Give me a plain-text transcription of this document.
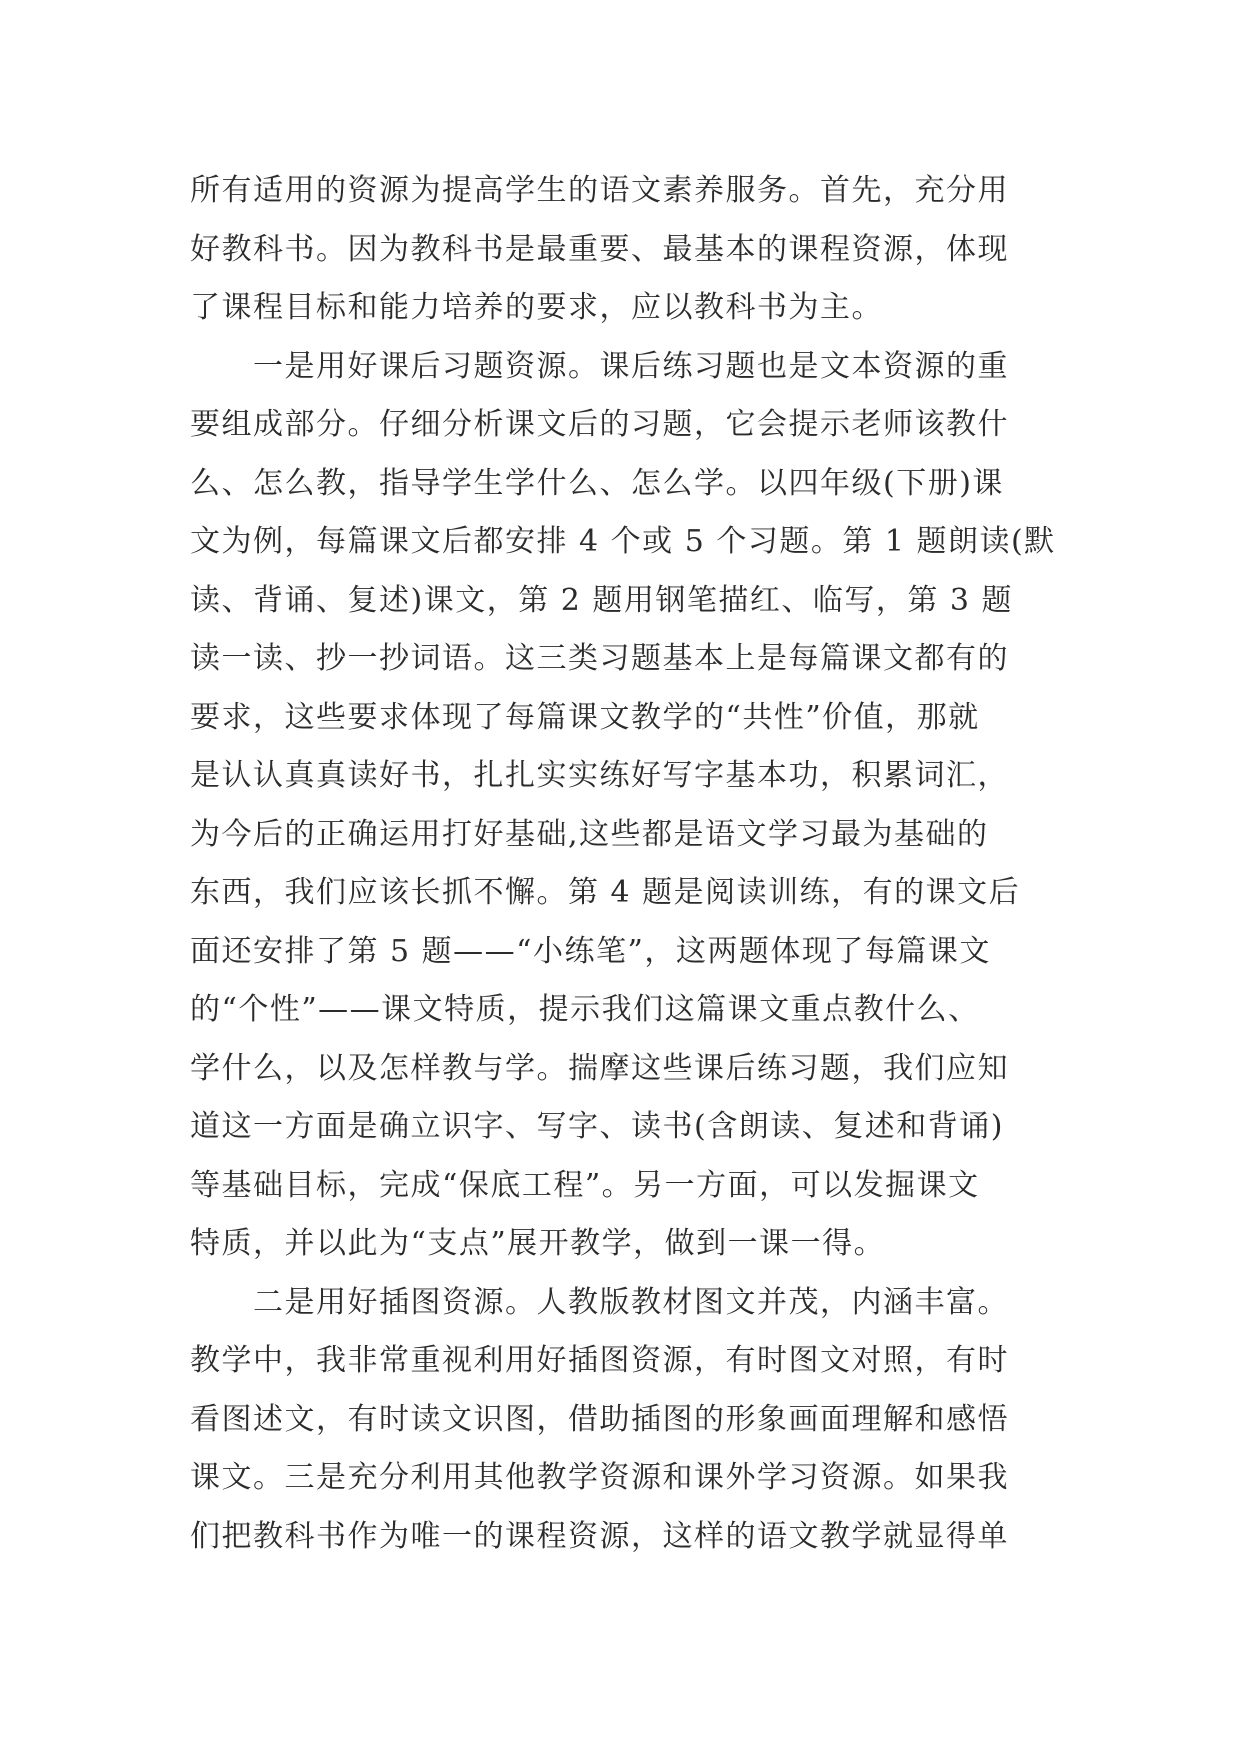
所有适用的资源为提高学生的语文素养服务。首先，充分用
好教科书。因为教科书是最重要、最基本的课程资源，体现
了课程目标和能力培养的要求，应以教科书为主。
　　一是用好课后习题资源。课后练习题也是文本资源的重
要组成部分。仔细分析课文后的习题，它会提示老师该教什
么、怎么教，指导学生学什么、怎么学。以四年级(下册)课
文为例，每篇课文后都安排 4 个或 5 个习题。第 1 题朗读(默
读、背诵、复述)课文，第 2 题用钢笔描红、临写，第 3 题
读一读、抄一抄词语。这三类习题基本上是每篇课文都有的
要求，这些要求体现了每篇课文教学的“共性”价值，那就
是认认真真读好书，扎扎实实练好写字基本功，积累词汇，
为今后的正确运用打好基础,这些都是语文学习最为基础的
东西，我们应该长抓不懈。第 4 题是阅读训练，有的课文后
面还安排了第 5 题——“小练笔”，这两题体现了每篇课文
的“个性”——课文特质，提示我们这篇课文重点教什么、
学什么，以及怎样教与学。揣摩这些课后练习题，我们应知
道这一方面是确立识字、写字、读书(含朗读、复述和背诵)
等基础目标，完成“保底工程”。另一方面，可以发掘课文
特质，并以此为“支点”展开教学，做到一课一得。
　　二是用好插图资源。人教版教材图文并茂，内涵丰富。
教学中，我非常重视利用好插图资源，有时图文对照，有时
看图述文，有时读文识图，借助插图的形象画面理解和感悟
课文。三是充分利用其他教学资源和课外学习资源。如果我
们把教科书作为唯一的课程资源，这样的语文教学就显得单
